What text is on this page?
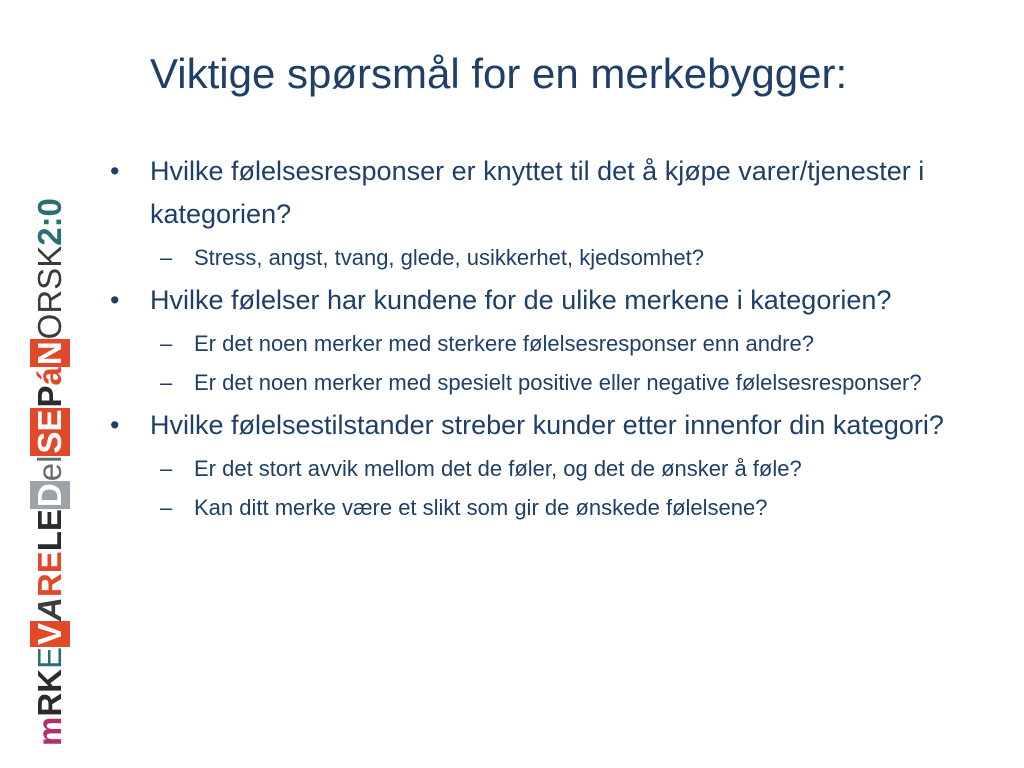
m
RK
E
V
A
RE
LE
D
el
SE
P
á
N
ORSK
2:0
Viktige spørsmål for en merkebygger:
•	Hvilke følelsesresponser er knyttet til det å kjøpe varer/tjenester i kategorien?
– Stress, angst, tvang, glede, usikkerhet, kjedsomhet?
•	Hvilke følelser har kundene for de ulike merkene i kategorien?
– Er det noen merker med sterkere følelsesresponser enn andre?
– Er det noen merker med spesielt positive eller negative følelsesresponser?
•	Hvilke følelsestilstander streber kunder etter innenfor din kategori?
– Er det stort avvik mellom det de føler, og det de ønsker å føle?
– Kan ditt merke være et slikt som gir de ønskede følelsene?
